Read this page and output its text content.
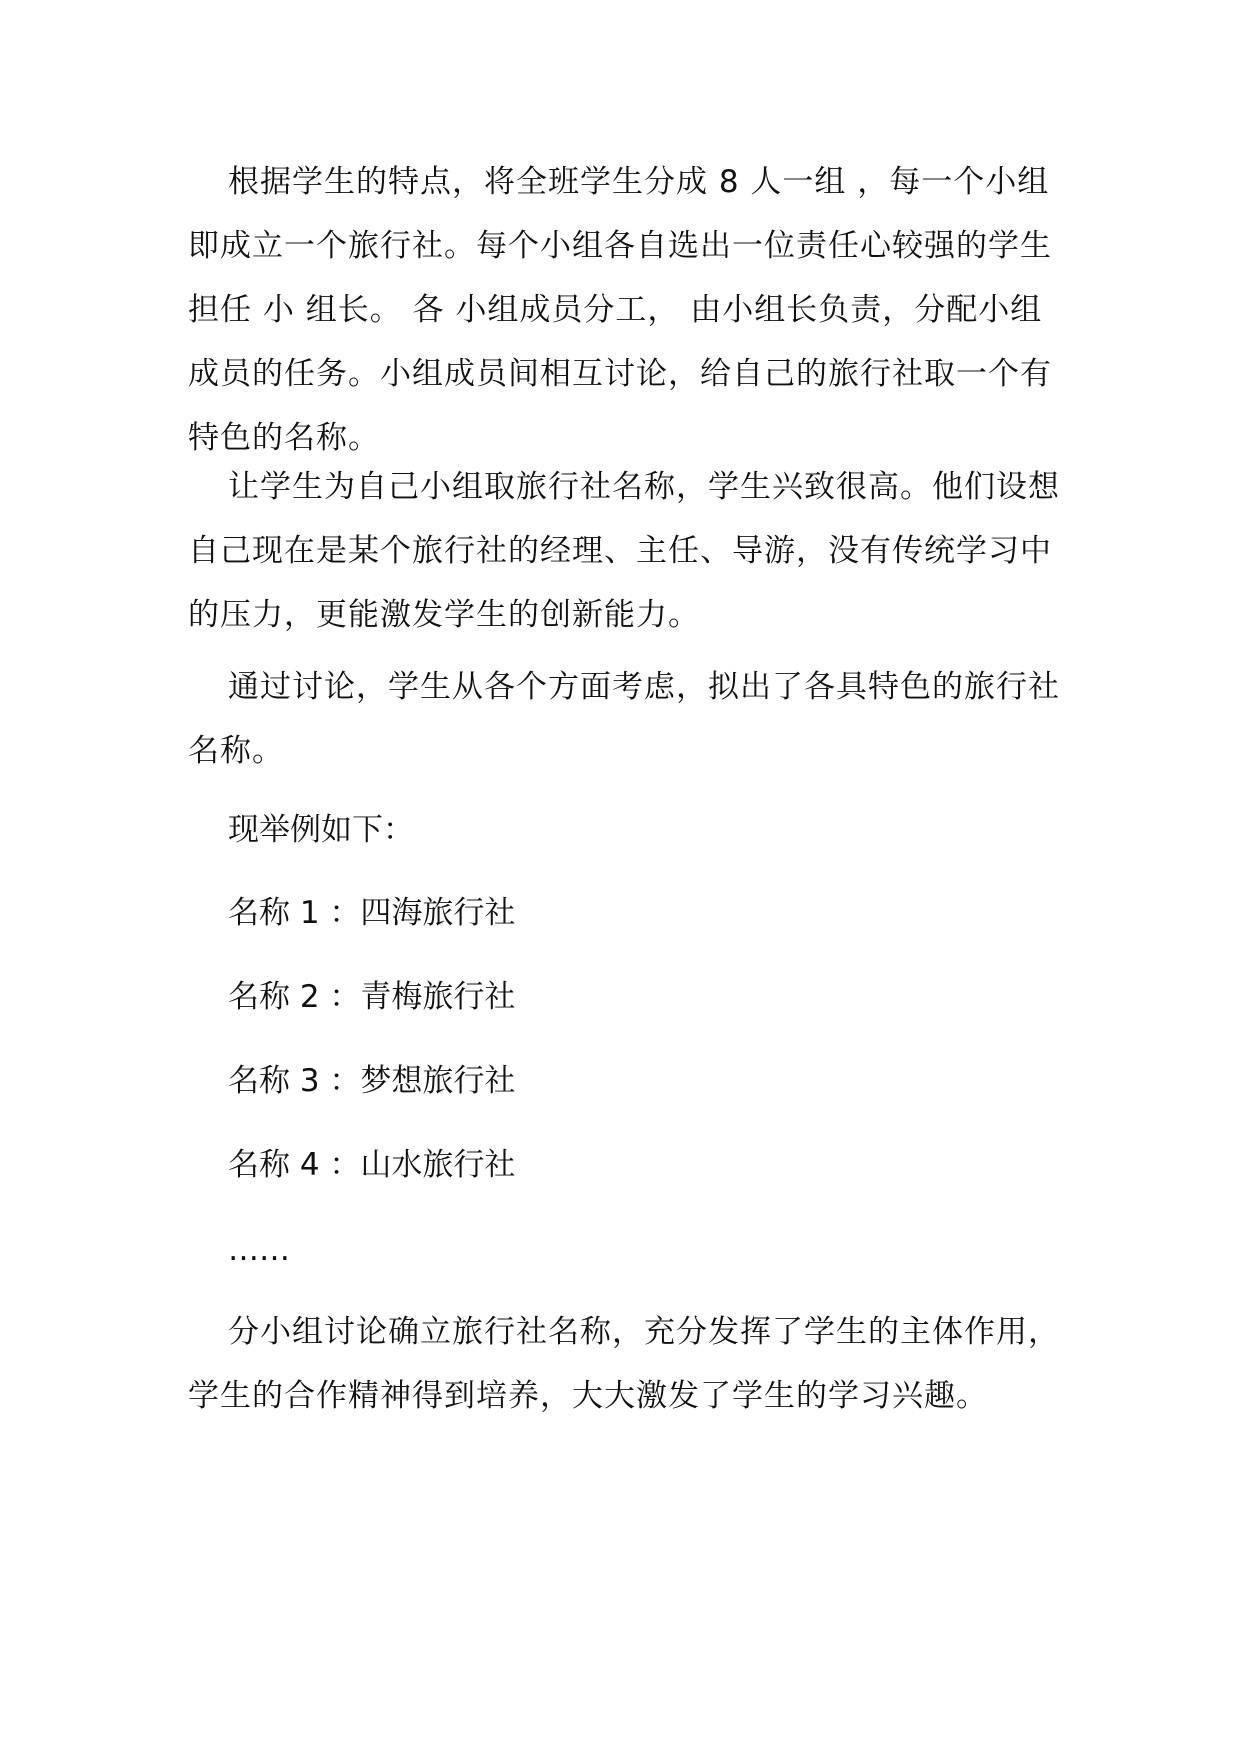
根据学生的特点，将全班学生分成 8 人一组 ，每一个小组即成立一个旅行社。每个小组各自选出一位责任心较强的学生担任 小 组长。 各 小组成员分工， 由小组长负责，分配小组成员的任务。小组成员间相互讨论，给自己的旅行社取一个有特色的名称。

让学生为自己小组取旅行社名称，学生兴致很高。他们设想自己现在是某个旅行社的经理、主任、导游，没有传统学习中的压力，更能激发学生的创新能力。

通过讨论，学生从各个方面考虑，拟出了各具特色的旅行社名称。

现举例如下：

名称 1 ：四海旅行社

名称 2 ：青梅旅行社

名称 3 ：梦想旅行社

名称 4 ：山水旅行社

……

分小组讨论确立旅行社名称，充分发挥了学生的主体作用，学生的合作精神得到培养，大大激发了学生的学习兴趣。
